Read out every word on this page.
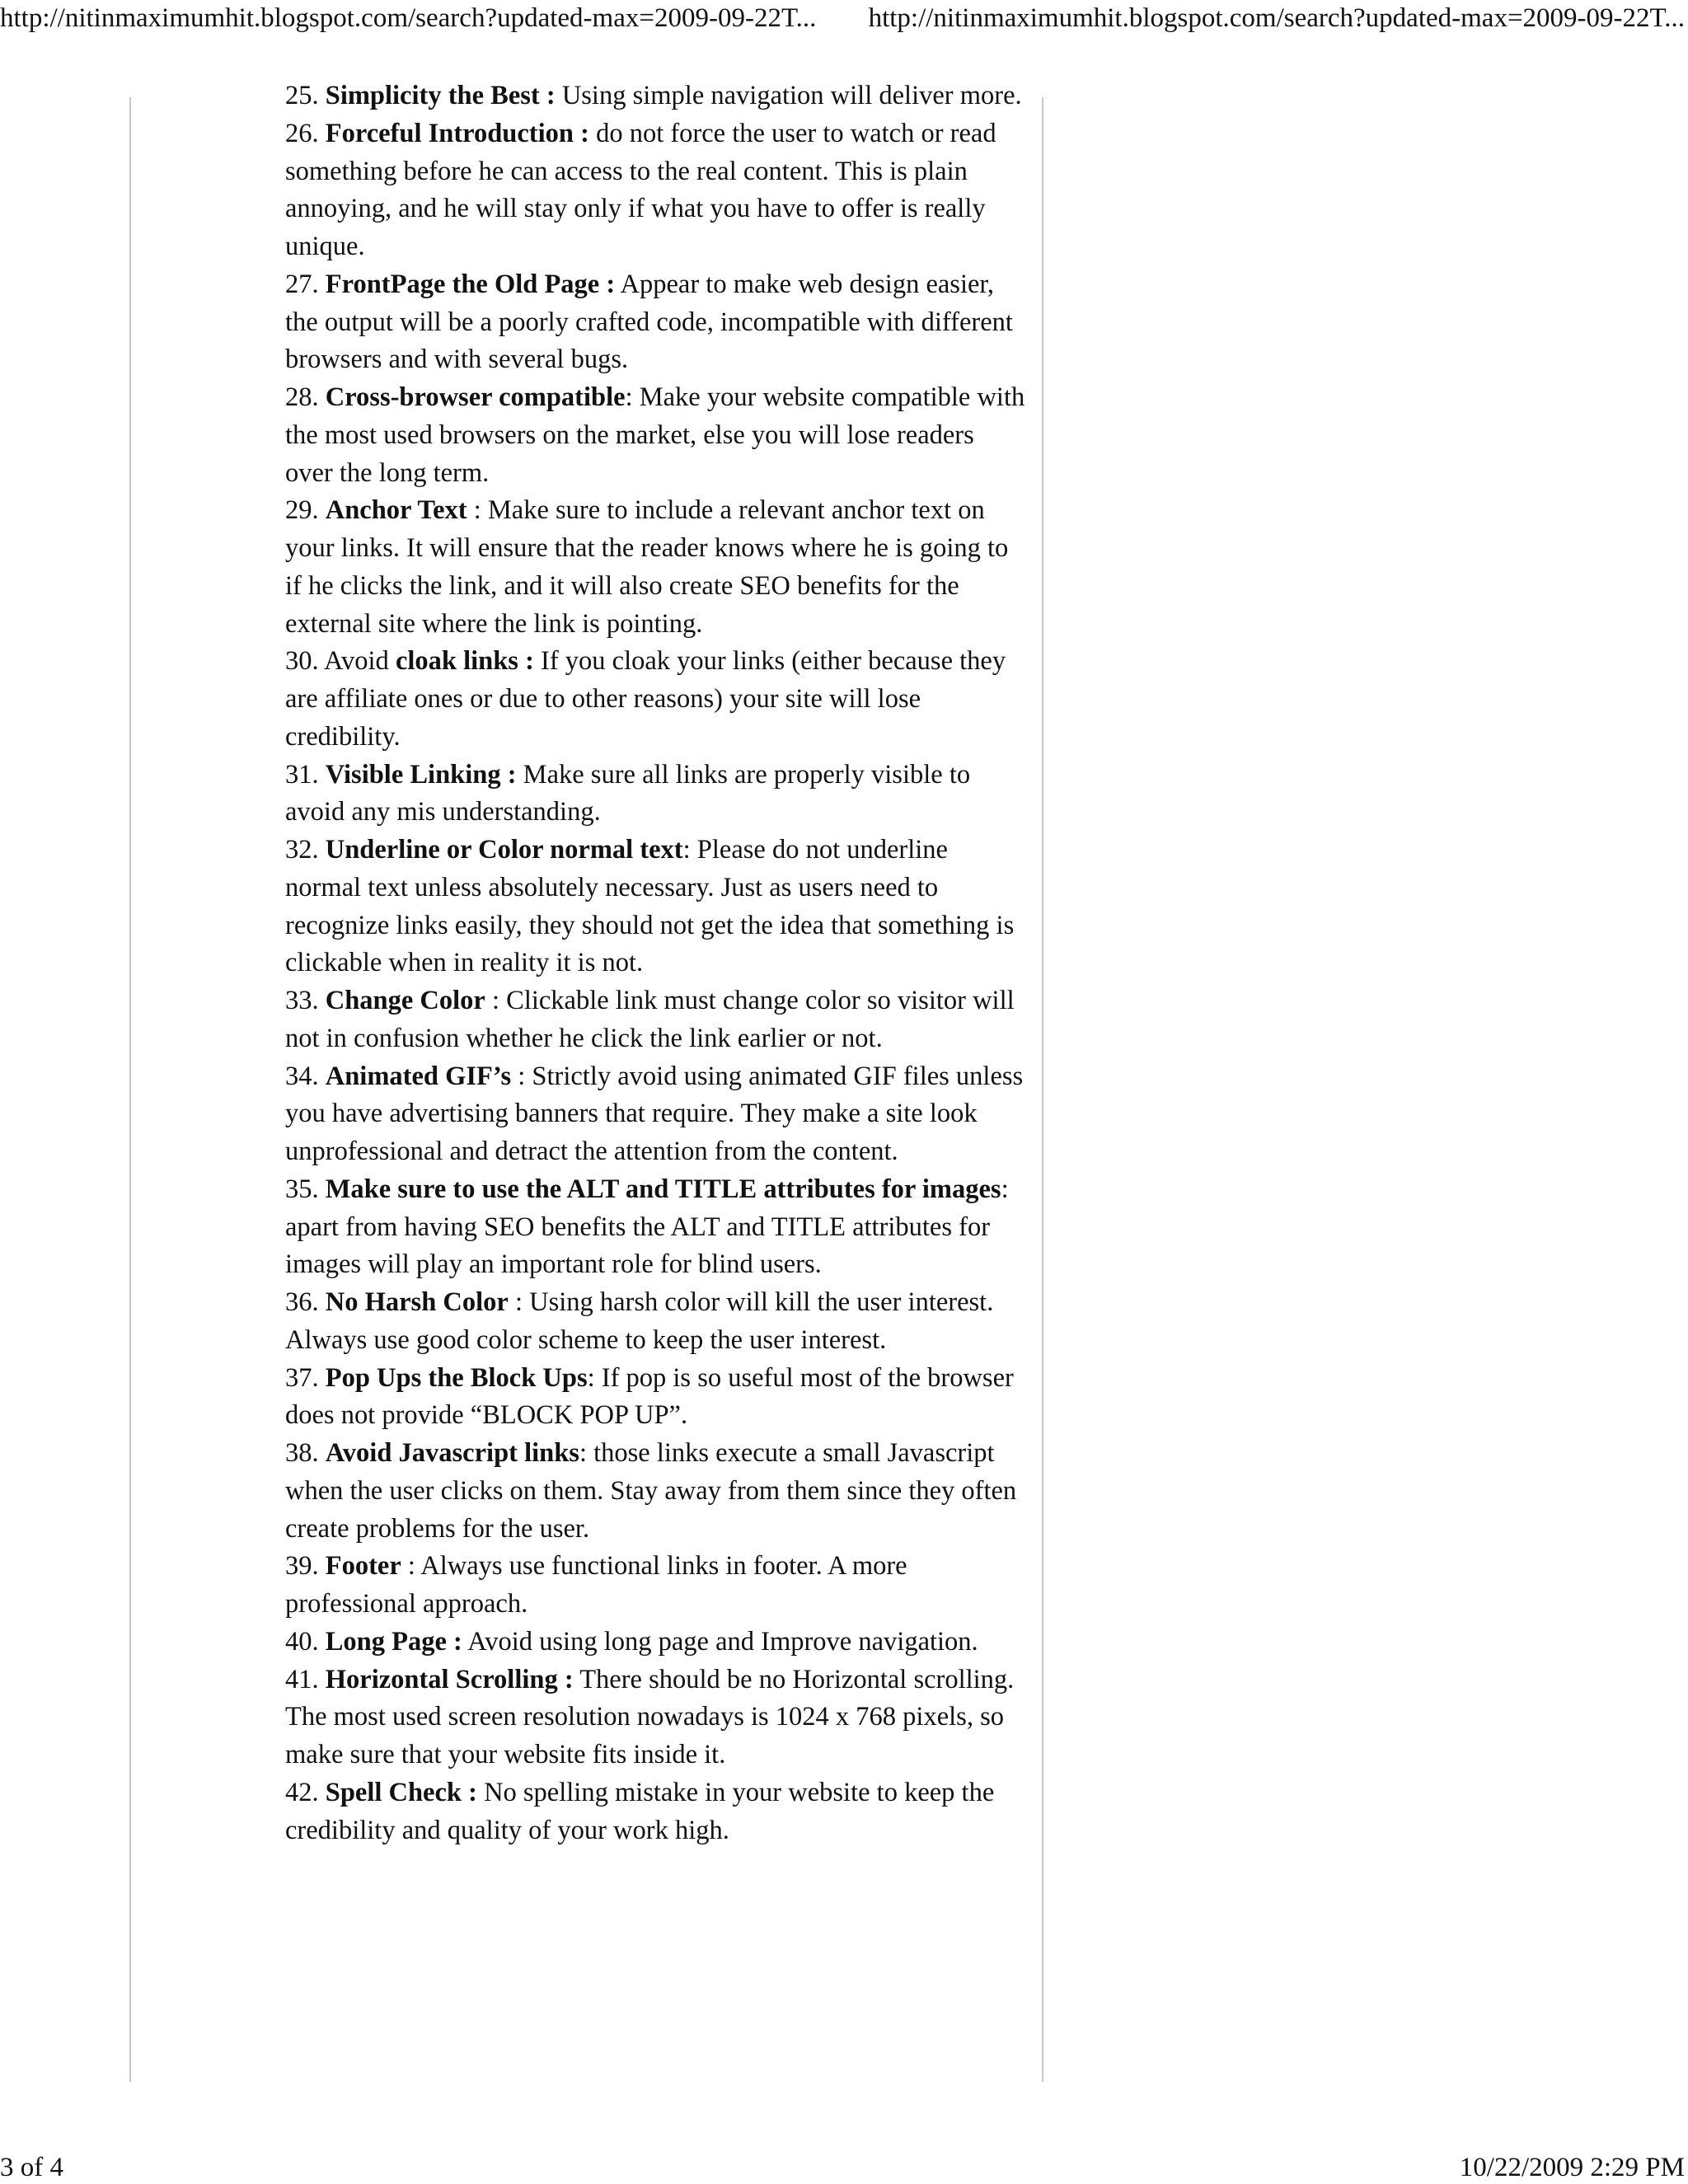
http://nitinmaximumhit.blogspot.com/search?updated-max=2009-09-22T... http://nitinmaximumhit.blogspot.com/search?updated-max=2009-09-22T...

25. Simplicity the Best : Using simple navigation will deliver more.

26. Forceful Introduction : do not force the user to watch or read something before he can access to the real content. This is plain annoying, and he will stay only if what you have to offer is really unique.

27. FrontPage the Old Page : Appear to make web design easier, the output will be a poorly crafted code, incompatible with different browsers and with several bugs.

28. Cross-browser compatible: Make your website compatible with the most used browsers on the market, else you will lose readers over the long term.

29. Anchor Text : Make sure to include a relevant anchor text on your links. It will ensure that the reader knows where he is going to if he clicks the link, and it will also create SEO benefits for the external site where the link is pointing.

30. Avoid cloak links : If you cloak your links (either because they are affiliate ones or due to other reasons) your site will lose credibility.

31. Visible Linking : Make sure all links are properly visible to avoid any mis understanding.

32. Underline or Color normal text: Please do not underline normal text unless absolutely necessary. Just as users need to recognize links easily, they should not get the idea that something is clickable when in reality it is not.

33. Change Color : Clickable link must change color so visitor will not in confusion whether he click the link earlier or not.

34. Animated GIF’s : Strictly avoid using animated GIF files unless you have advertising banners that require. They make a site look unprofessional and detract the attention from the content.

35. Make sure to use the ALT and TITLE attributes for images: apart from having SEO benefits the ALT and TITLE attributes for images will play an important role for blind users.

36. No Harsh Color : Using harsh color will kill the user interest. Always use good color scheme to keep the user interest.

37. Pop Ups the Block Ups: If pop is so useful most of the browser does not provide “BLOCK POP UP”.

38. Avoid Javascript links: those links execute a small Javascript when the user clicks on them. Stay away from them since they often create problems for the user.

39. Footer : Always use functional links in footer. A more professional approach.

40. Long Page : Avoid using long page and Improve navigation.

41. Horizontal Scrolling : There should be no Horizontal scrolling. The most used screen resolution nowadays is 1024 x 768 pixels, so make sure that your website fits inside it.

42. Spell Check : No spelling mistake in your website to keep the credibility and quality of your work high.

3 of 4	10/22/2009 2:29 PM
